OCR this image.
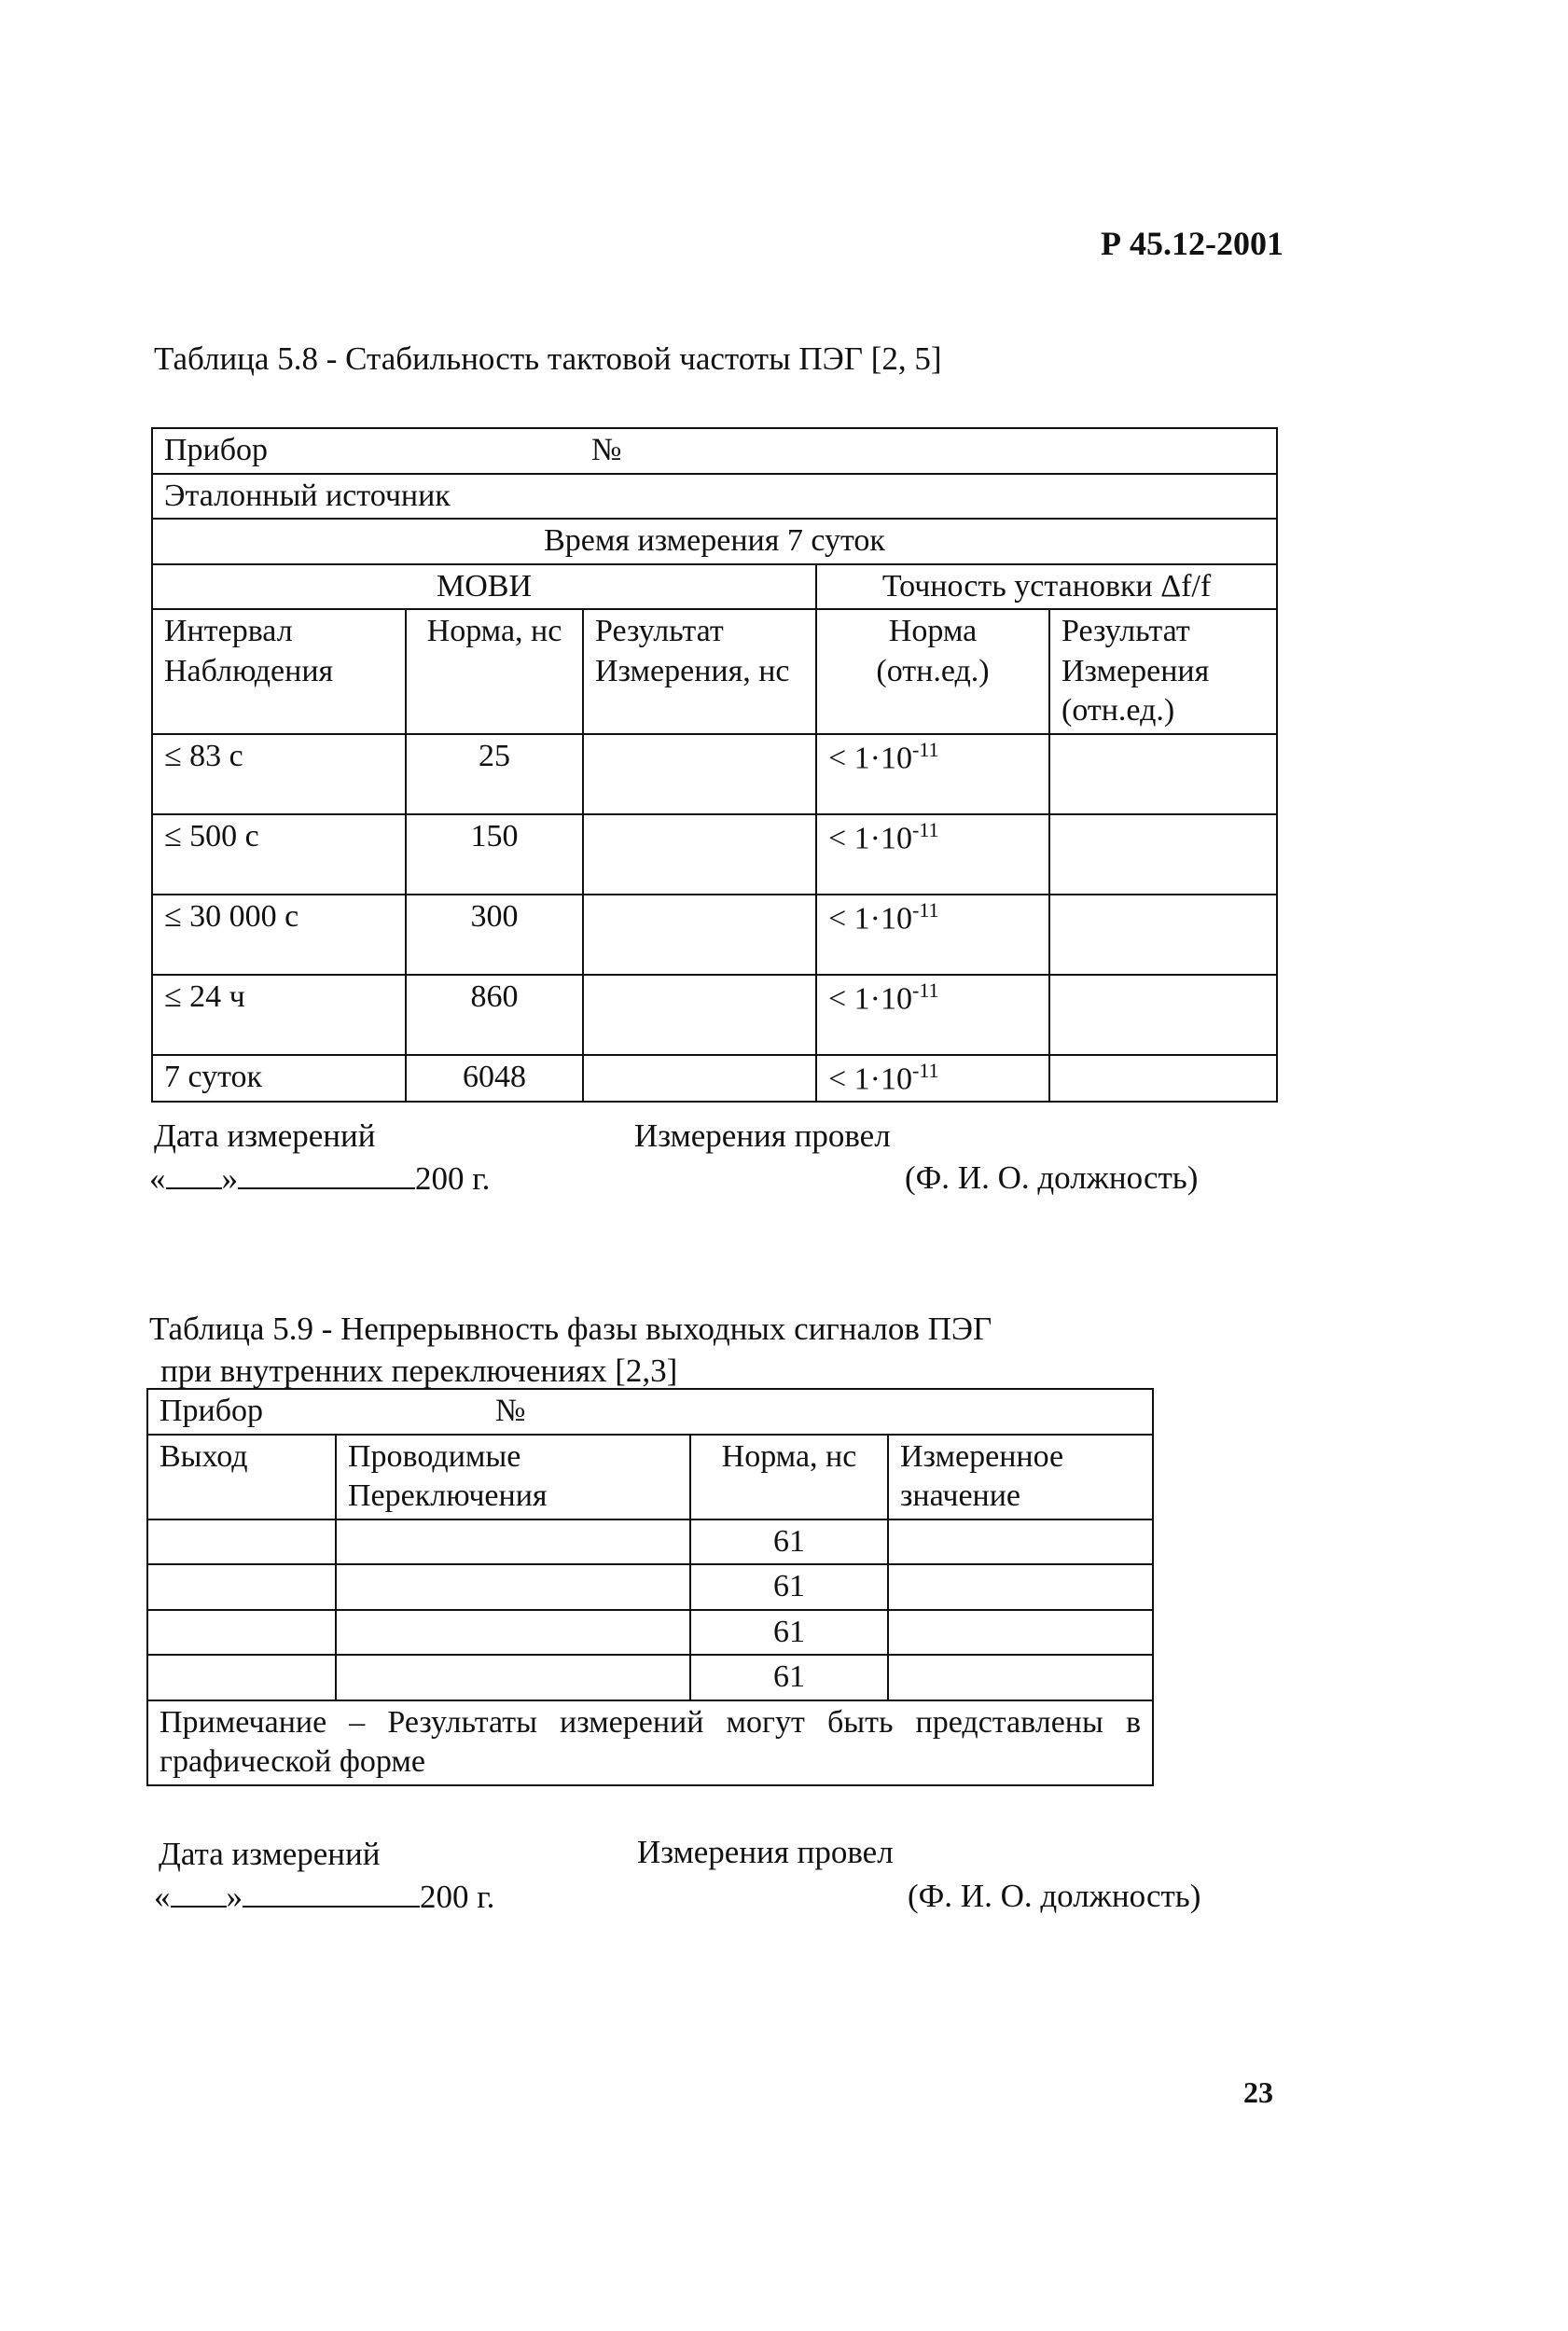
Р 45.12-2001
Таблица 5.8 - Стабильность тактовой частоты ПЭГ [2, 5]
Прибор №				

Эталонный источник				
Время измерения 7 суток				
МОВИ			Точность установки Δf/f	
Интервал Наблюдения	Норма, нс	Результат Измерения, нс	Норма (отн.ед.)	Результат Измерения (отн.ед.)
≤ 83 с	25		< $1\cdot 10^{-11}$	
≤ 500 с	150		< $1\cdot 10^{-11}$	
≤ 30 000 с	300		< $1\cdot 10^{-11}$	
≤ 24 ч	860		< $1\cdot 10^{-11}$	
7 суток	6048		< $1\cdot 10^{-11}$	
Дата измерений
« »	200 г.
Измерения провел
(Ф. И. О. должность)
Таблица 5.9 - Непрерывность фазы выходных сигналов ПЭГ
при внутренних переключениях [2,3]
Прибор №			

Выход	Проводимые Переключения	Норма, нс	Измеренное значение
		61	
		61	
		61	
		61	
Примечание – Результаты измерений могут быть представлены в графической форме			
Дата измерений
« »	200 г.
Измерения провел
(Ф. И. О. должность)
23
